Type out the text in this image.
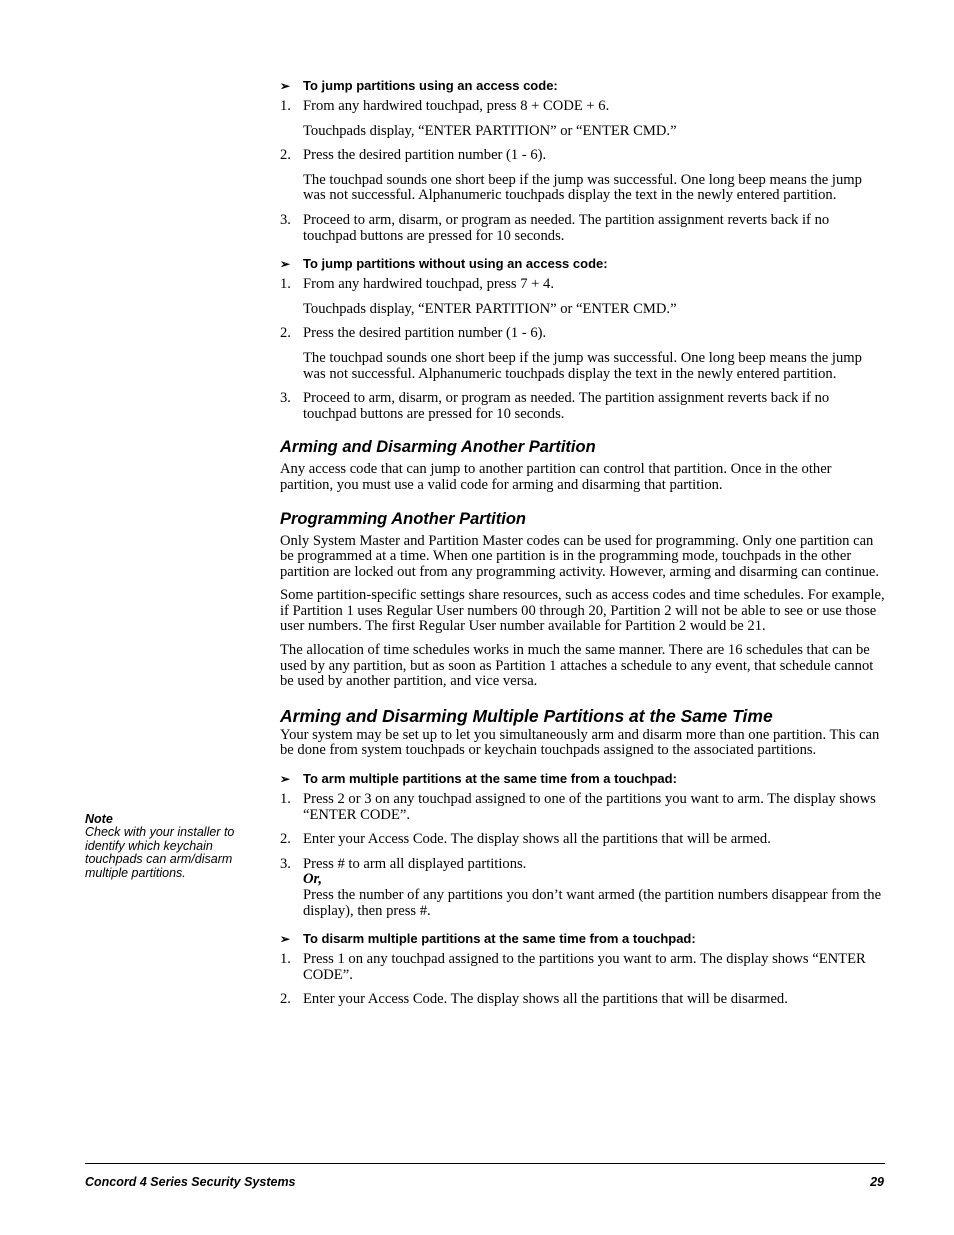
➢ To jump partitions using an access code:
1. From any hardwired touchpad, press 8 + CODE + 6.
Touchpads display, “ENTER PARTITION” or “ENTER CMD.”
2. Press the desired partition number (1 - 6).
The touchpad sounds one short beep if the jump was successful. One long beep means the jump was not successful. Alphanumeric touchpads display the text in the newly entered partition.
3. Proceed to arm, disarm, or program as needed. The partition assignment reverts back if no touchpad buttons are pressed for 10 seconds.
➢ To jump partitions without using an access code:
1. From any hardwired touchpad, press 7 + 4.
Touchpads display, “ENTER PARTITION” or “ENTER CMD.”
2. Press the desired partition number (1 - 6).
The touchpad sounds one short beep if the jump was successful. One long beep means the jump was not successful. Alphanumeric touchpads display the text in the newly entered partition.
3. Proceed to arm, disarm, or program as needed. The partition assignment reverts back if no touchpad buttons are pressed for 10 seconds.
Arming and Disarming Another Partition

Any access code that can jump to another partition can control that partition. Once in the other partition, you must use a valid code for arming and disarming that partition.

Programming Another Partition

Only System Master and Partition Master codes can be used for programming. Only one partition can be programmed at a time. When one partition is in the programming mode, touchpads in the other partition are locked out from any programming activity. However, arming and disarming can continue.

Some partition-specific settings share resources, such as access codes and time schedules. For example, if Partition 1 uses Regular User numbers 00 through 20, Partition 2 will not be able to see or use those user numbers. The first Regular User number available for Partition 2 would be 21.

The allocation of time schedules works in much the same manner. There are 16 schedules that can be used by any partition, but as soon as Partition 1 attaches a schedule to any event, that schedule cannot be used by another partition, and vice versa.

Arming and Disarming Multiple Partitions at the Same Time

Your system may be set up to let you simultaneously arm and disarm more than one partition. This can be done from system touchpads or keychain touchpads assigned to the associated partitions.

➢ To arm multiple partitions at the same time from a touchpad:
1. Press 2 or 3 on any touchpad assigned to one of the partitions you want to arm. The display shows “ENTER CODE”.
2. Enter your Access Code. The display shows all the partitions that will be armed.
3. Press # to arm all displayed partitions.
Or,
Press the number of any partitions you don’t want armed (the partition numbers disappear from the display), then press #.
➢ To disarm multiple partitions at the same time from a touchpad:
1. Press 1 on any touchpad assigned to the partitions you want to arm. The display shows “ENTER CODE”.
2. Enter your Access Code. The display shows all the partitions that will be disarmed.
Note
Check with your installer to identify which keychain touchpads can arm/disarm multiple partitions.
Concord 4 Series Security Systems	29
